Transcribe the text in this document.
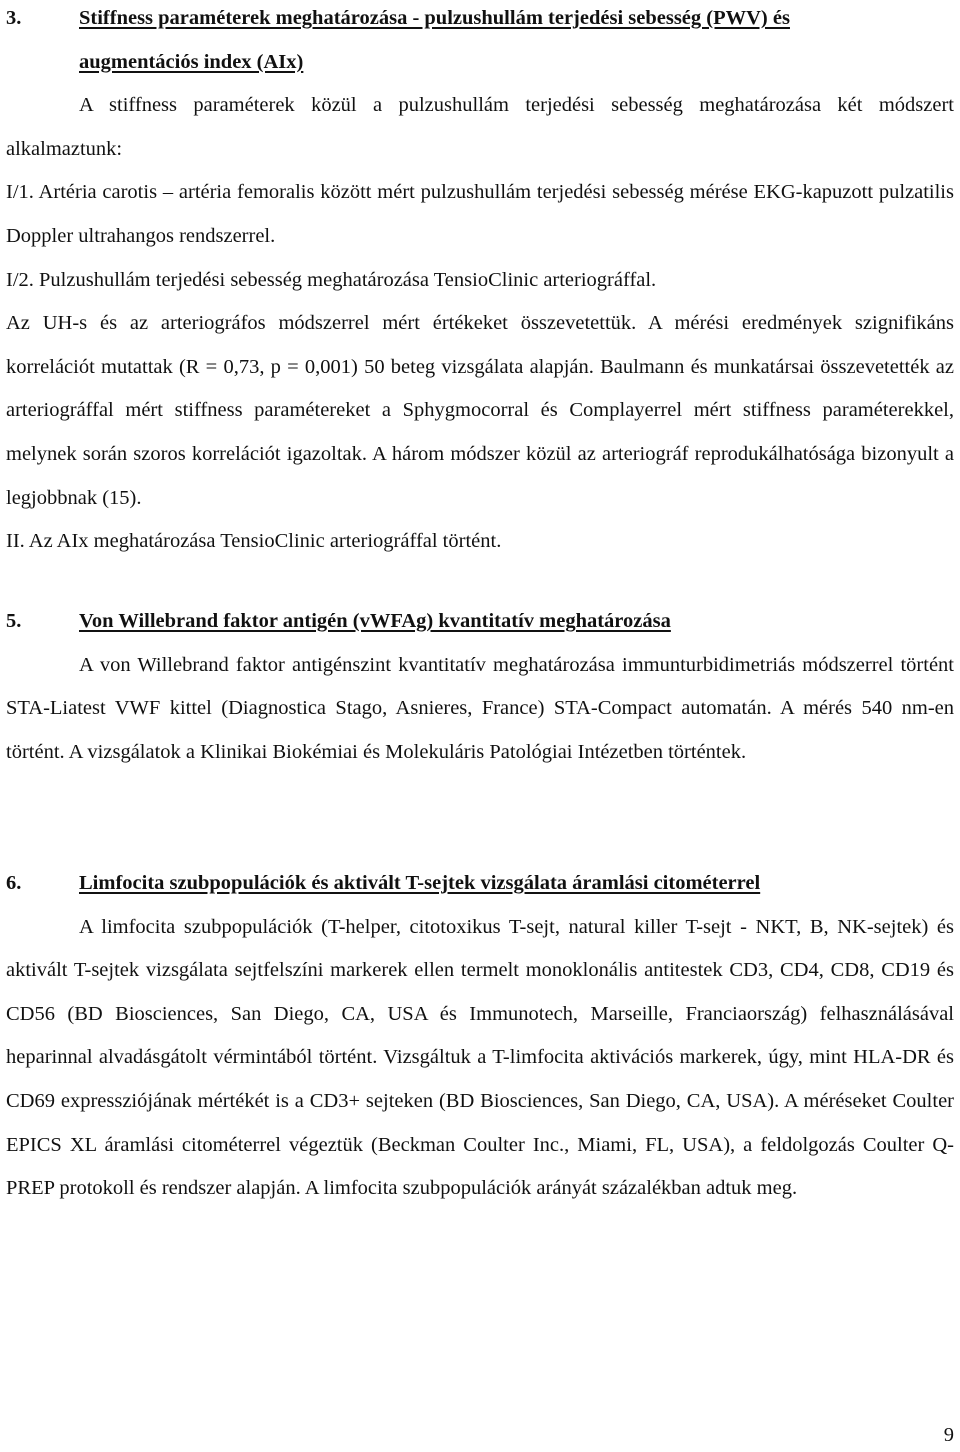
3.	Stiffness paraméterek meghatározása - pulzushullám terjedési sebesség (PWV) és
augmentációs index (AIx)

A stiffness paraméterek közül a pulzushullám terjedési sebesség meghatározása két módszert alkalmaztunk:

I/1. Artéria carotis – artéria femoralis között mért pulzushullám terjedési sebesség mérése EKG-kapuzott pulzatilis Doppler ultrahangos rendszerrel.

I/2. Pulzushullám terjedési sebesség meghatározása TensioClinic arteriográffal.

Az UH-s és az arteriográfos módszerrel mért értékeket összevetettük. A mérési eredmények szignifikáns korrelációt mutattak (R = 0,73, p = 0,001) 50 beteg vizsgálata alapján. Baulmann és munkatársai összevetették az arteriográffal mért stiffness paramétereket a Sphygmocorral és Complayerrel mért stiffness paraméterekkel, melynek során szoros korrelációt igazoltak. A három módszer közül az arteriográf reprodukálhatósága bizonyult a legjobbnak (15).

II. Az AIx meghatározása TensioClinic arteriográffal történt.

5.	Von Willebrand faktor antigén (vWFAg) kvantitatív meghatározása

A von Willebrand faktor antigénszint kvantitatív meghatározása immunturbidimetriás módszerrel történt STA-Liatest VWF kittel (Diagnostica Stago, Asnieres, France) STA-Compact automatán. A mérés 540 nm-en történt. A vizsgálatok a Klinikai Biokémiai és Molekuláris Patológiai Intézetben történtek.

6.	Limfocita szubpopulációk és aktivált T-sejtek vizsgálata áramlási citométerrel

A limfocita szubpopulációk (T-helper, citotoxikus T-sejt, natural killer T-sejt - NKT, B, NK-sejtek) és aktivált T-sejtek vizsgálata sejtfelszíni markerek ellen termelt monoklonális antitestek CD3, CD4, CD8, CD19 és CD56 (BD Biosciences, San Diego, CA, USA és Immunotech, Marseille, Franciaország) felhasználásával heparinnal alvadásgátolt vérmintából történt. Vizsgáltuk a T-limfocita aktivációs markerek, úgy, mint HLA-DR és CD69 expressziójának mértékét is a CD3+ sejteken (BD Biosciences, San Diego, CA, USA). A méréseket Coulter EPICS XL áramlási citométerrel végeztük (Beckman Coulter Inc., Miami, FL, USA), a feldolgozás Coulter Q-PREP protokoll és rendszer alapján. A limfocita szubpopulációk arányát százalékban adtuk meg.

9
